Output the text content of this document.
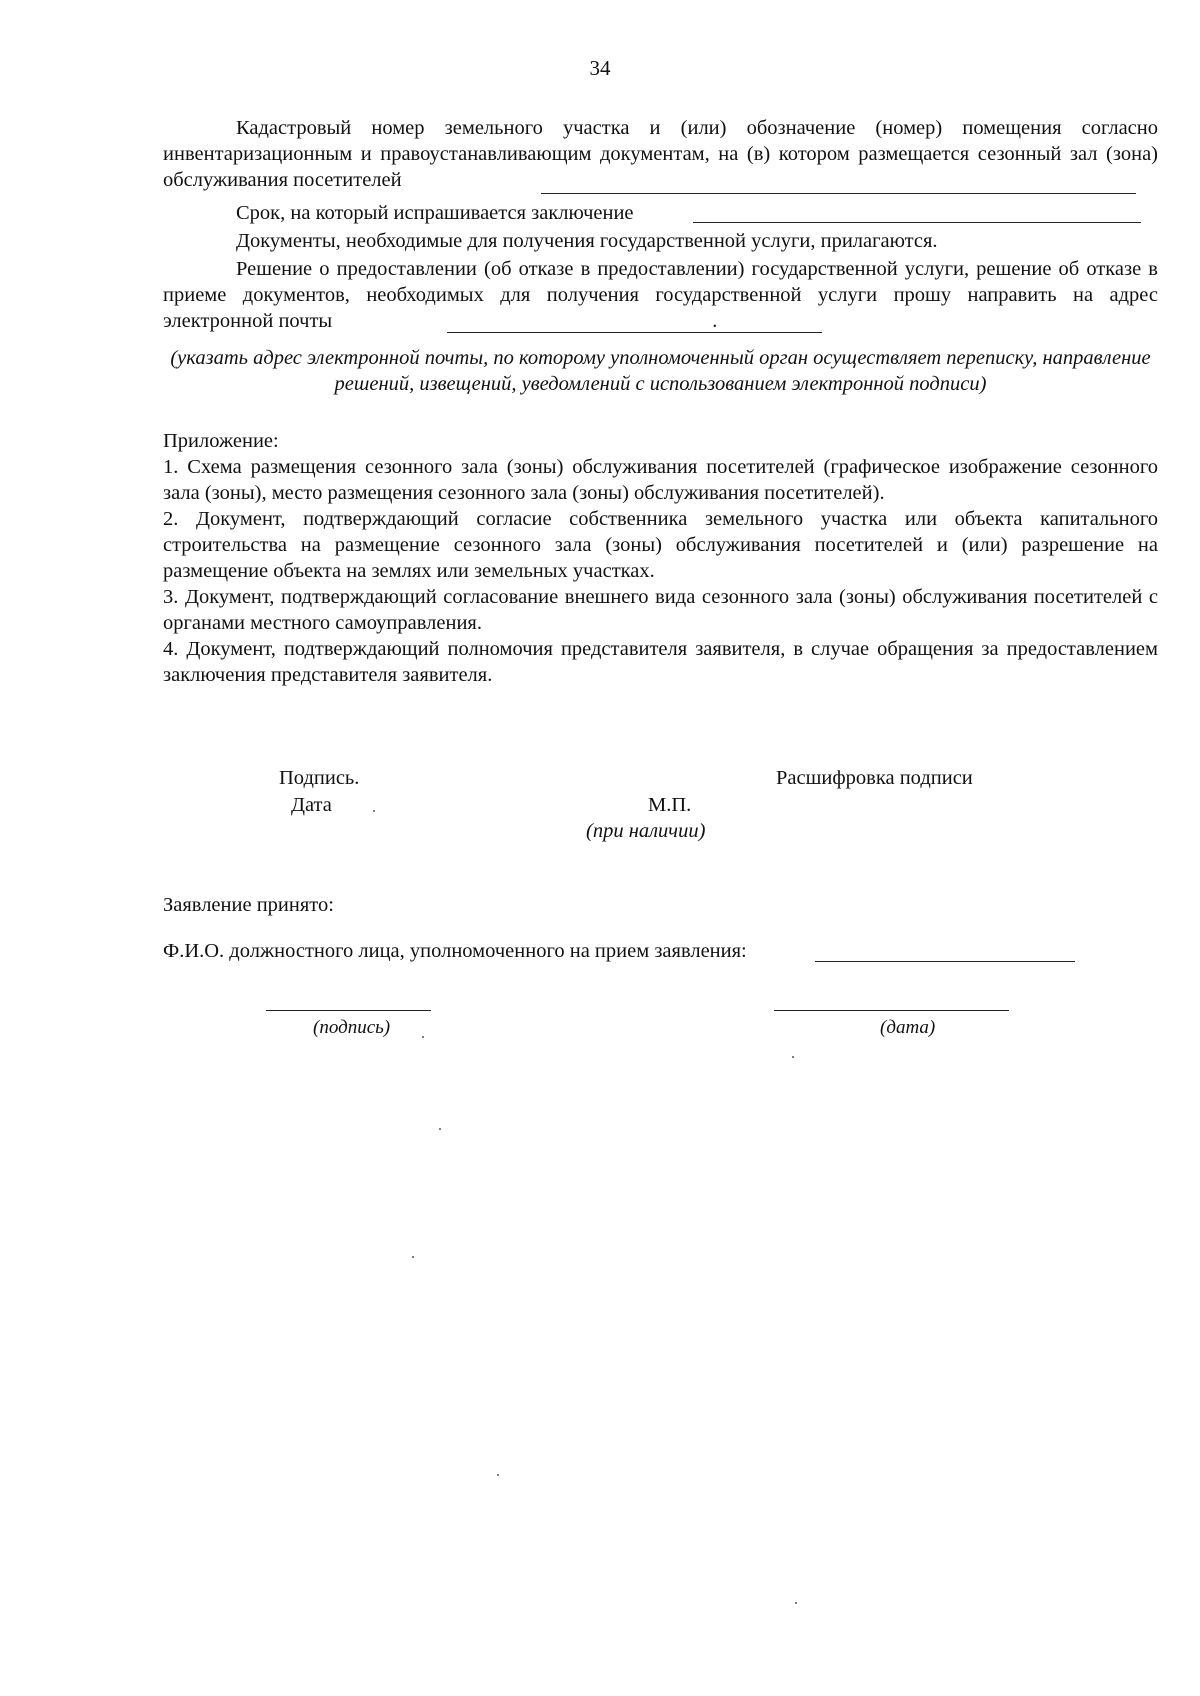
34
Кадастровый номер земельного участка и (или) обозначение (номер) помещения согласно инвентаризационным и правоустанавливающим документам, на (в) котором размещается сезонный зал (зона) обслуживания посетителей
Срок, на который испрашивается заключение
Документы, необходимые для получения государственной услуги, прилагаются.
Решение о предоставлении (об отказе в предоставлении) государственной услуги, решение об отказе в приеме документов, необходимых для получения государственной услуги прошу направить на адрес электронной почты	.
(указать адрес электронной почты, по которому уполномоченный орган осуществляет переписку, направление решений, извещений, уведомлений с использованием электронной подписи)
Приложение:
1. Схема размещения сезонного зала (зоны) обслуживания посетителей (графическое изображение сезонного зала (зоны), место размещения сезонного зала (зоны) обслуживания посетителей).
2. Документ, подтверждающий согласие собственника земельного участка или объекта капитального строительства на размещение сезонного зала (зоны) обслуживания посетителей и (или) разрешение на размещение объекта на землях или земельных участках.
3. Документ, подтверждающий согласование внешнего вида сезонного зала (зоны) обслуживания посетителей с органами местного самоуправления.
4. Документ, подтверждающий полномочия представителя заявителя, в случае обращения за предоставлением заключения представителя заявителя.
Подпись.
Дата	М.П.
(при наличии)
Расшифровка подписи
Заявление принято:
Ф.И.О. должностного лица, уполномоченного на прием заявления:
(подпись)	(дата)
